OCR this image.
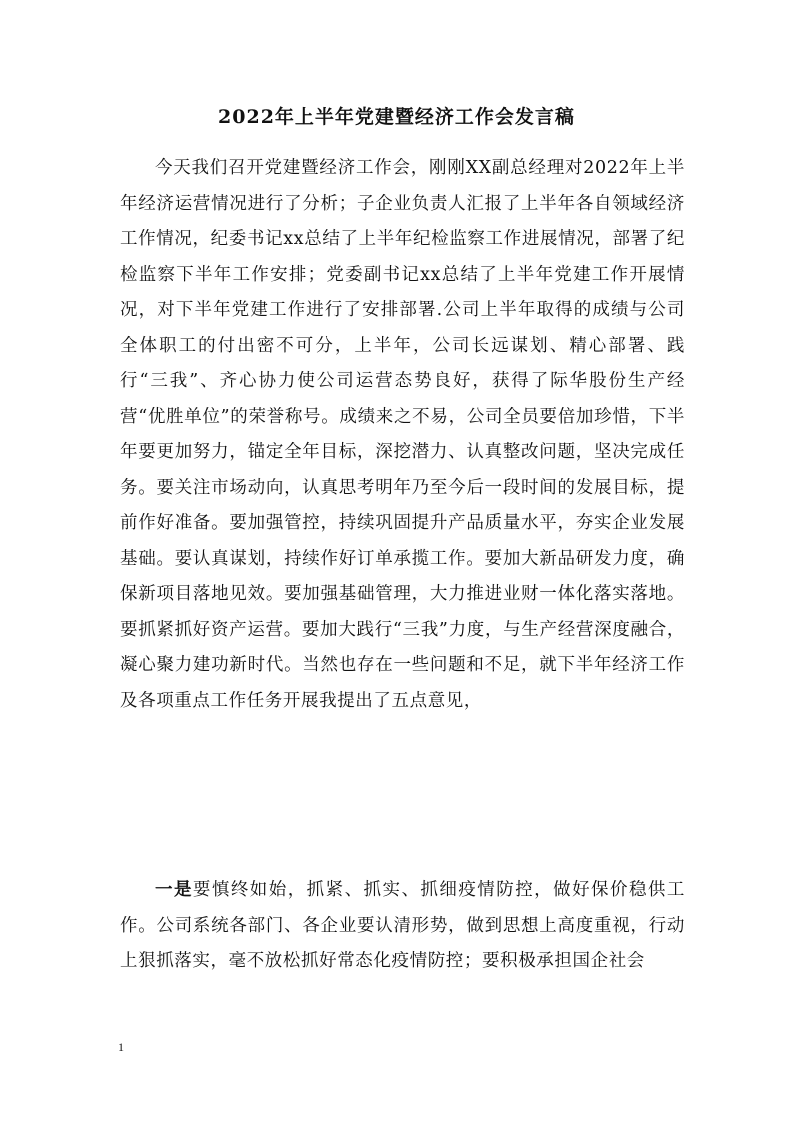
2022年上半年党建暨经济工作会发言稿

今天我们召开党建暨经济工作会，刚刚XX副总经理对2022年上半年经济运营情况进行了分析；子企业负责人汇报了上半年各自领域经济工作情况，纪委书记xx总结了上半年纪检监察工作进展情况，部署了纪检监察下半年工作安排；党委副书记xx总结了上半年党建工作开展情况，对下半年党建工作进行了安排部署.公司上半年取得的成绩与公司全体职工的付出密不可分，上半年，公司长远谋划、精心部署、践行“三我”、齐心协力使公司运营态势良好，获得了际华股份生产经营“优胜单位”的荣誉称号。成绩来之不易，公司全员要倍加珍惜，下半年要更加努力，锚定全年目标，深挖潜力、认真整改问题，坚决完成任务。要关注市场动向，认真思考明年乃至今后一段时间的发展目标，提前作好准备。要加强管控，持续巩固提升产品质量水平，夯实企业发展基础。要认真谋划，持续作好订单承揽工作。要加大新品研发力度，确保新项目落地见效。要加强基础管理，大力推进业财一体化落实落地。要抓紧抓好资产运营。要加大践行“三我”力度，与生产经营深度融合，凝心聚力建功新时代。当然也存在一些问题和不足，就下半年经济工作及各项重点工作任务开展我提出了五点意见，

一是要慎终如始，抓紧、抓实、抓细疫情防控，做好保价稳供工作。公司系统各部门、各企业要认清形势，做到思想上高度重视，行动上狠抓落实，毫不放松抓好常态化疫情防控；要积极承担国企社会

1
